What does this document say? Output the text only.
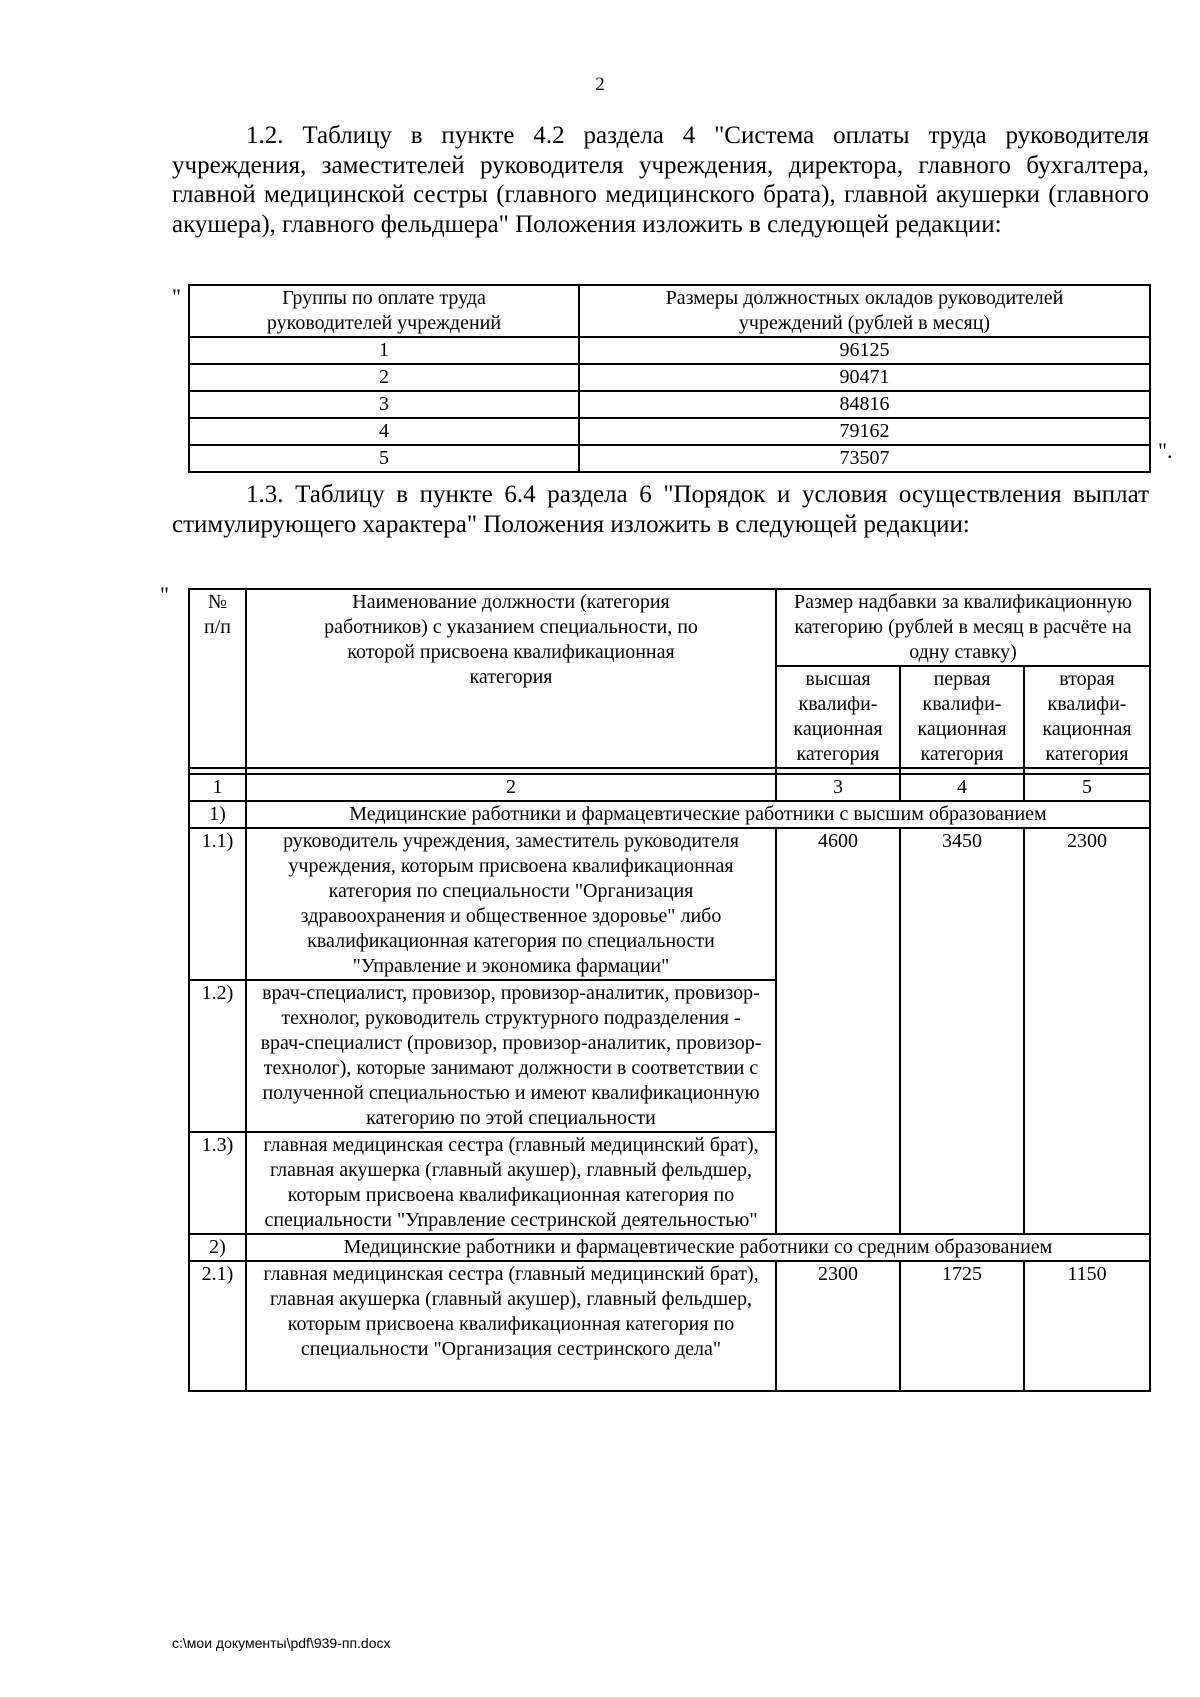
2
1.2. Таблицу в пункте 4.2 раздела 4 "Система оплаты труда руководителя учреждения, заместителей руководителя учреждения, директора, главного бухгалтера, главной медицинской сестры (главного медицинского брата), главной акушерки (главного акушера), главного фельдшера" Положения изложить в следующей редакции:
"	Группы по оплате труда руководителей учреждений	Размеры должностных окладов руководителей учреждений (рублей в месяц)
1	96125
2	90471
3	84816
4	79162
5	73507	".
1.3. Таблицу в пункте 6.4 раздела 6 "Порядок и условия осуществления выплат стимулирующего характера" Положения изложить в следующей редакции:
" № п/п	Наименование должности (категория работников) с указанием специальности, по которой присвоена квалификационная категория	Размер надбавки за квалификационную категорию (рублей в месяц в расчёте на одну ставку)		
		высшая квалифи-кационная категория	первая квалифи-кационная категория	вторая квалифи-кационная категория

1	2	3	4	5
1)	Медицинские работники и фармацевтические работники с высшим образованием			
1.1)	руководитель учреждения, заместитель руководителя учреждения, которым присвоена квалификационная категория по специальности "Организация здравоохранения и общественное здоровье" либо квалификационная категория по специальности "Управление и экономика фармации"	4600	3450	2300
1.2)	врач-специалист, провизор, провизор-аналитик, провизор-технолог, руководитель структурного подразделения - врач-специалист (провизор, провизор-аналитик, провизор-технолог), которые занимают должности в соответствии с полученной специальностью и имеют квалификационную категорию по этой специальности			
1.3)	главная медицинская сестра (главный медицинский брат), главная акушерка (главный акушер), главный фельдшер, которым присвоена квалификационная категория по специальности "Управление сестринской деятельностью"			
2)	Медицинские работники и фармацевтические работники со средним образованием			
2.1)	главная медицинская сестра (главный медицинский брат), главная акушерка (главный акушер), главный фельдшер, которым присвоена квалификационная категория по специальности "Организация сестринского дела"	2300	1725	1150
c:\мои документы\pdf\939-пп.docx
